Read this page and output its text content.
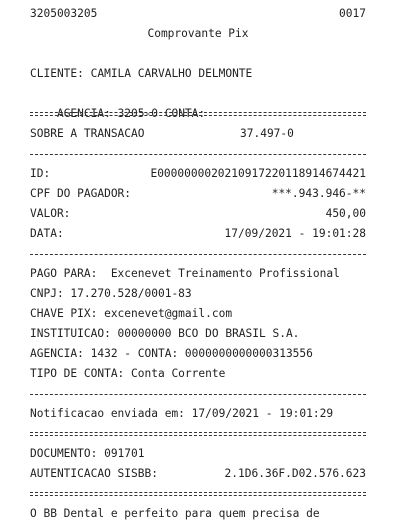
3205003205	0017
Comprovante Pix
CLIENTE: CAMILA CARVALHO DELMONTE

AGENCIA: 3205-0 CONTA:

37.497-0

SOBRE A TRANSACAO
ID:	E0000000020210917220118914674421
CPF DO PAGADOR:	***.943.946-**
VALOR:	450,00
DATA:	17/09/2021 - 19:01:28
PAGO PARA:  Excenevet Treinamento Profissional
CNPJ: 17.270.528/0001-83
CHAVE PIX: excenevet@gmail.com
INSTITUICAO: 00000000 BCO DO BRASIL S.A.
AGENCIA: 1432 - CONTA: 0000000000000313556
TIPO DE CONTA: Conta Corrente
Notificacao enviada em: 17/09/2021 - 19:01:29
DOCUMENTO: 091701
AUTENTICACAO SISBB:	2.1D6.36F.D02.576.623
O BB Dental e perfeito para quem precisa de
